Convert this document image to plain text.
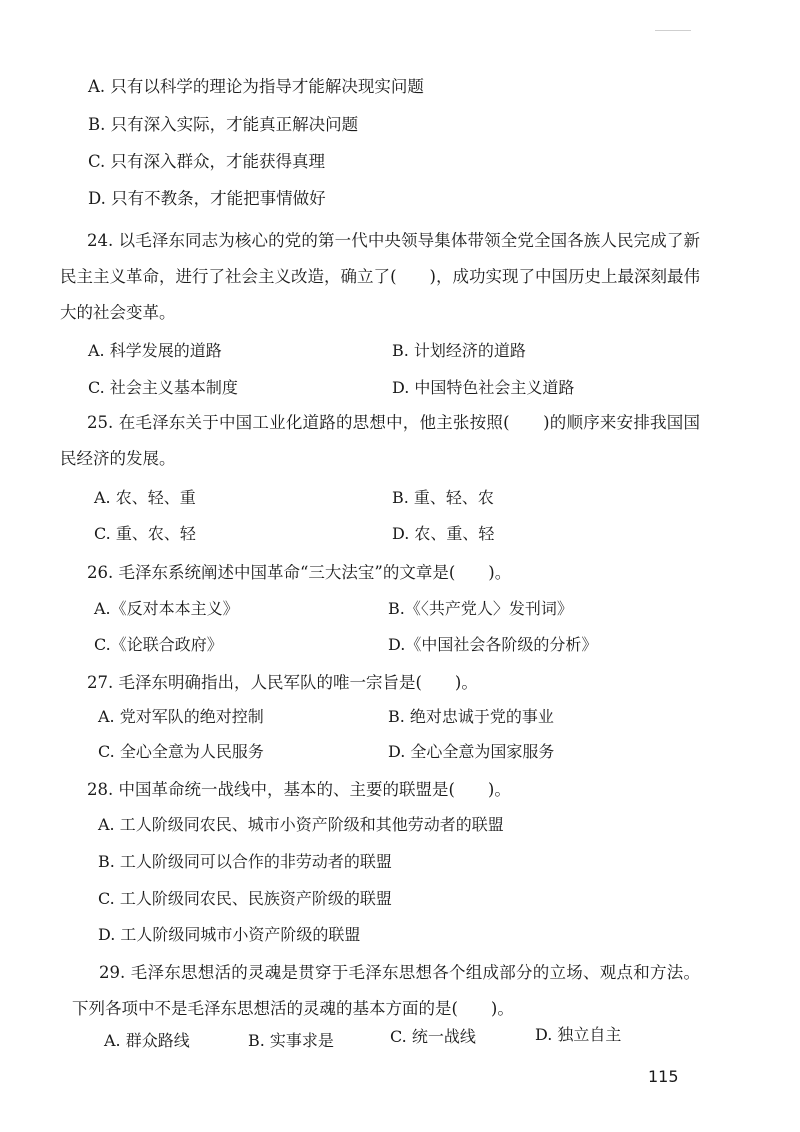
A. 只有以科学的理论为指导才能解决现实问题
B. 只有深入实际，才能真正解决问题
C. 只有深入群众，才能获得真理
D. 只有不教条，才能把事情做好
24. 以毛泽东同志为核心的党的第一代中央领导集体带领全党全国各族人民完成了新民主主义革命，进行了社会主义改造，确立了(　　)，成功实现了中国历史上最深刻最伟大的社会变革。
A. 科学发展的道路	B. 计划经济的道路
C. 社会主义基本制度	D. 中国特色社会主义道路
25. 在毛泽东关于中国工业化道路的思想中，他主张按照(　　)的顺序来安排我国国民经济的发展。
A. 农、轻、重	B. 重、轻、农
C. 重、农、轻	D. 农、重、轻
26. 毛泽东系统阐述中国革命“三大法宝”的文章是(　　)。
A.《反对本本主义》	B.《〈共产党人〉发刊词》
C.《论联合政府》	D.《中国社会各阶级的分析》
27. 毛泽东明确指出，人民军队的唯一宗旨是(　　)。
A. 党对军队的绝对控制	B. 绝对忠诚于党的事业
C. 全心全意为人民服务	D. 全心全意为国家服务
28. 中国革命统一战线中，基本的、主要的联盟是(　　)。
A. 工人阶级同农民、城市小资产阶级和其他劳动者的联盟
B. 工人阶级同可以合作的非劳动者的联盟
C. 工人阶级同农民、民族资产阶级的联盟
D. 工人阶级同城市小资产阶级的联盟
29. 毛泽东思想活的灵魂是贯穿于毛泽东思想各个组成部分的立场、观点和方法。下列各项中不是毛泽东思想活的灵魂的基本方面的是(　　)。
A. 群众路线	B. 实事求是	C. 统一战线	D. 独立自主
115
